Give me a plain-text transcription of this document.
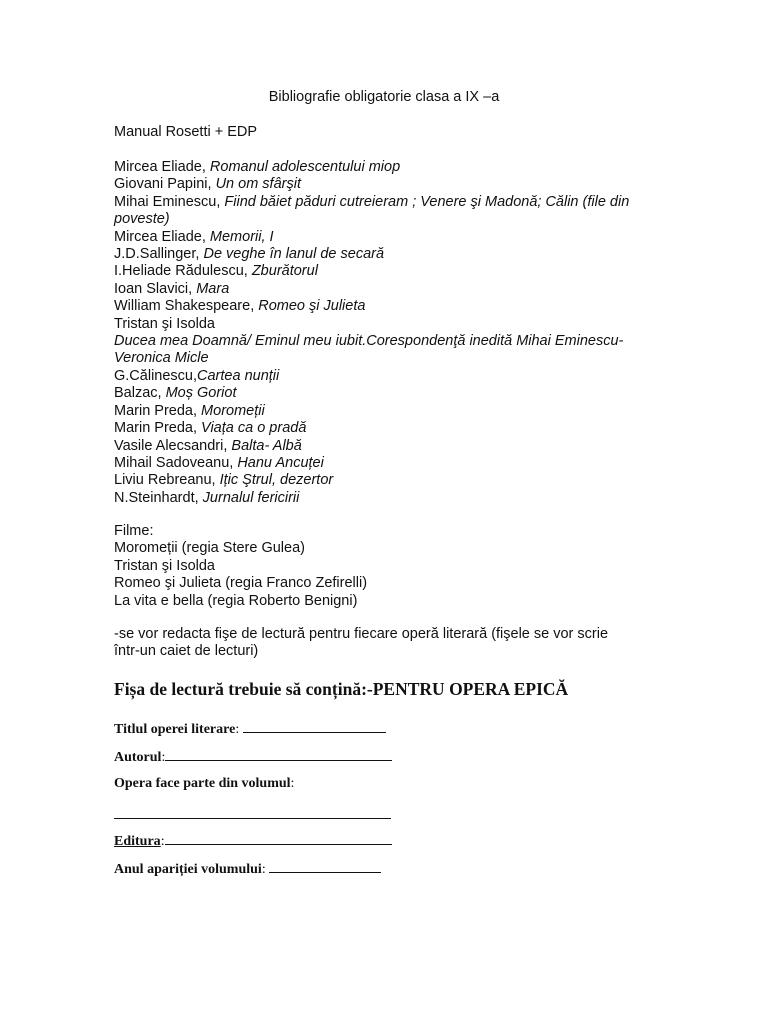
Bibliografie obligatorie clasa a IX –a
Manual Rosetti + EDP
Mircea Eliade, Romanul adolescentului miop
Giovani Papini, Un om sfârşit
Mihai Eminescu, Fiind băiet păduri cutreieram ; Venere şi Madonă; Călin (file din
poveste)
Mircea Eliade, Memorii, I
J.D.Sallinger, De veghe în lanul de secară
I.Heliade Rădulescu, Zburătorul
Ioan Slavici, Mara
William Shakespeare, Romeo şi Julieta
Tristan şi Isolda
Ducea mea Doamnă/ Eminul meu iubit.Corespondenţă inedită Mihai Eminescu-
Veronica Micle
G.Călinescu,Cartea nunții
Balzac, Moș Goriot
Marin Preda, Moromeții
Marin Preda, Viața ca o pradă
Vasile Alecsandri, Balta- Albă
Mihail Sadoveanu, Hanu Ancuței
Liviu Rebreanu, Ițic Ştrul, dezertor
N.Steinhardt, Jurnalul fericirii
Filme:
Moromeții (regia Stere Gulea)
Tristan şi Isolda
Romeo şi Julieta (regia Franco Zefirelli)
La vita e bella (regia Roberto Benigni)
-se vor redacta fişe de lectură pentru fiecare operă literară (fişele se vor scrie
într-un caiet de lecturi)
Fișa de lectură trebuie să conțină:-PENTRU OPERA EPICĂ
Titlul operei literare:
Autorul:
Opera face parte din volumul:
Editura:
Anul apariției volumului:
